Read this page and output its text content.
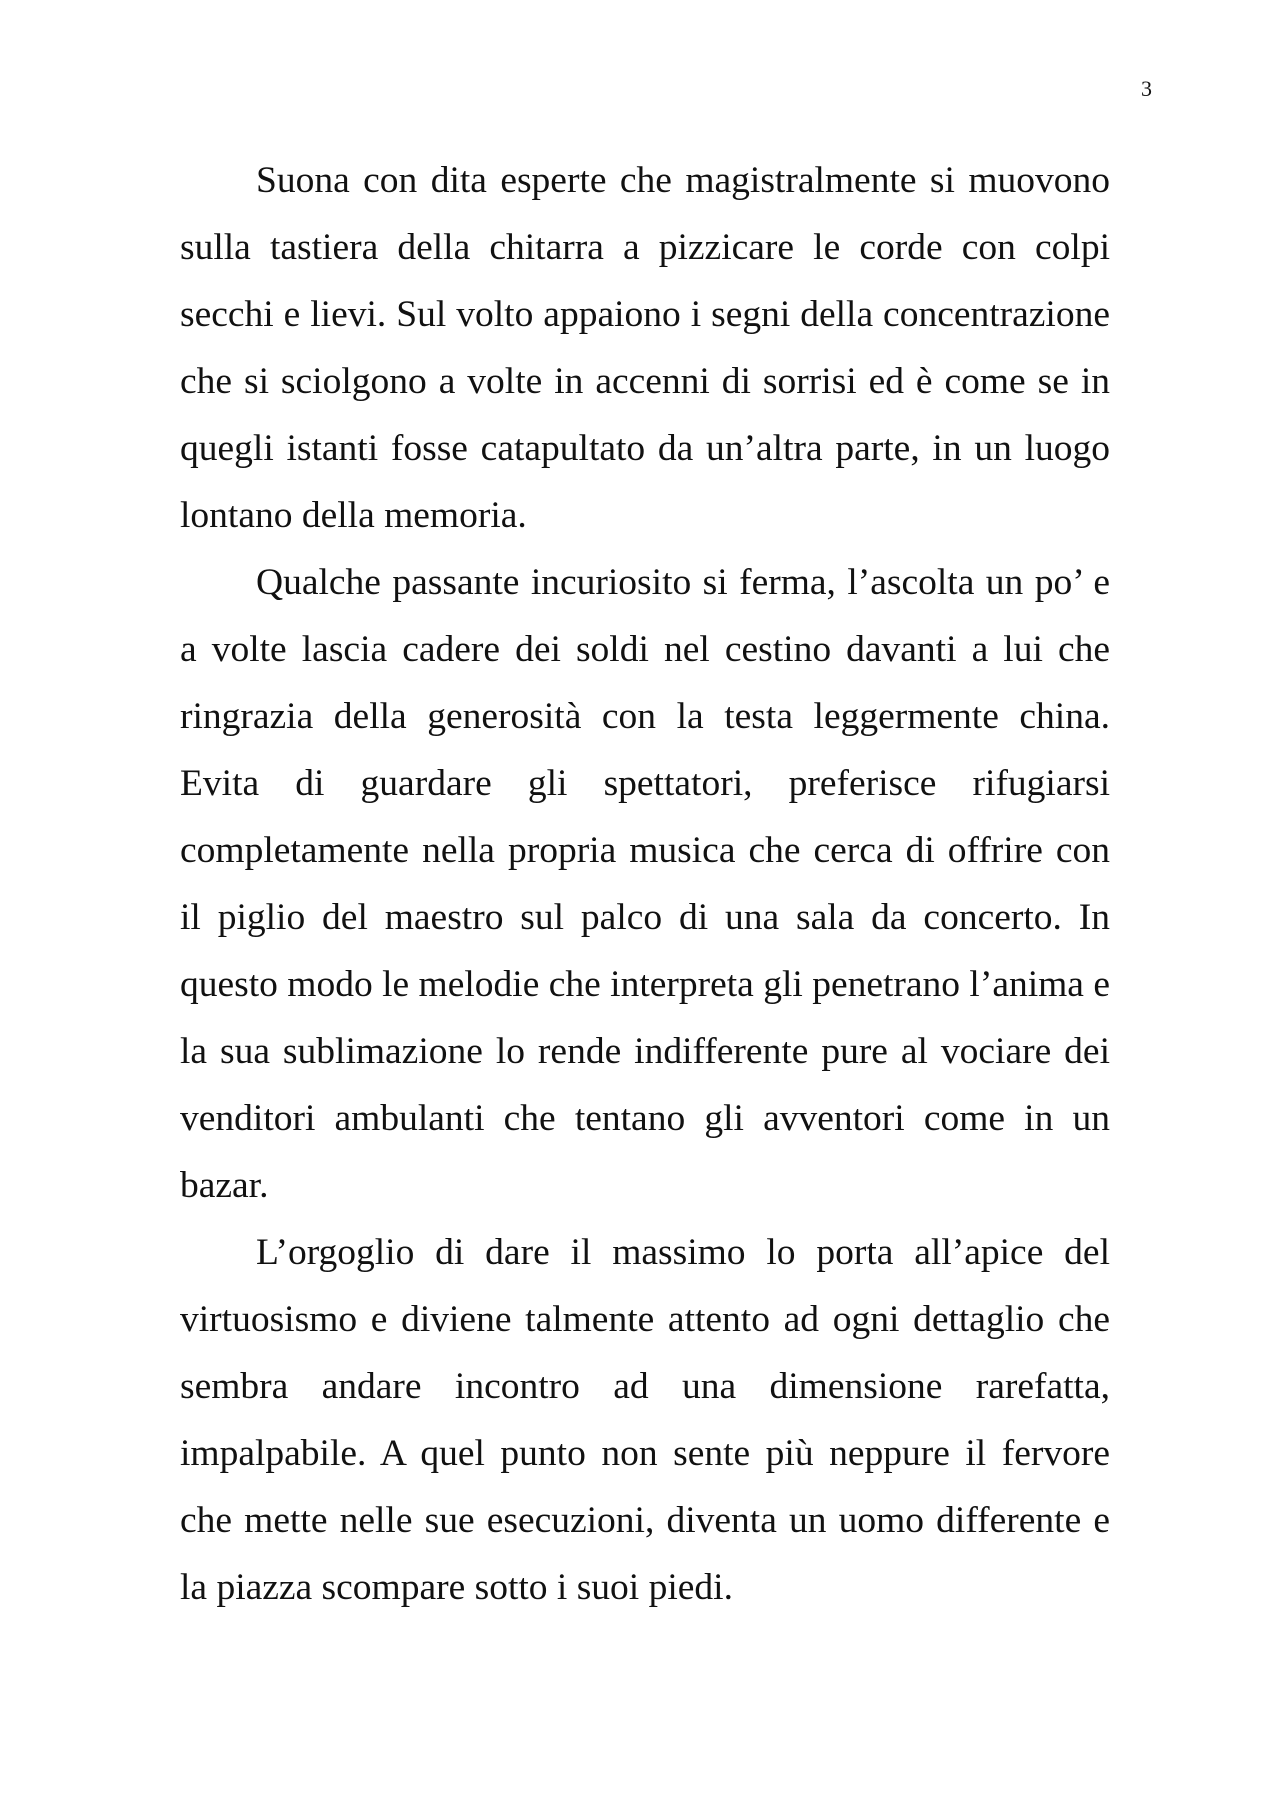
3

Suona con dita esperte che magistralmente si muovono sulla tastiera della chitarra a pizzicare le corde con colpi secchi e lievi. Sul volto appaiono i segni della concentrazione che si sciolgono a volte in accenni di sorrisi ed è come se in quegli istanti fosse catapultato da un’altra parte, in un luogo lontano della memoria.

Qualche passante incuriosito si ferma, l’ascolta un po’ e a volte lascia cadere dei soldi nel cestino davanti a lui che ringrazia della generosità con la testa leggermente china. Evita di guardare gli spettatori, preferisce rifugiarsi completamente nella propria musica che cerca di offrire con il piglio del maestro sul palco di una sala da concerto. In questo modo le melodie che interpreta gli penetrano l’anima e la sua sublimazione lo rende indifferente pure al vociare dei venditori ambulanti che tentano gli avventori come in un bazar.

L’orgoglio di dare il massimo lo porta all’apice del virtuosismo e diviene talmente attento ad ogni dettaglio che sembra andare incontro ad una dimensione rarefatta, impalpabile. A quel punto non sente più neppure il fervore che mette nelle sue esecuzioni, diventa un uomo differente e la piazza scompare sotto i suoi piedi.
